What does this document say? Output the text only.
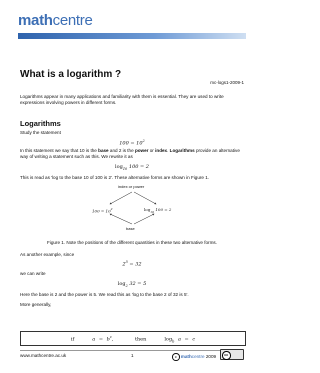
mathcentre
What is a logarithm ?
mc-logs1-2009-1
Logarithms appear in many applications and familiarity with them is essential. They are used to write expressions involving powers in different forms.
Logarithms
Study the statement
$100 = 10^2$
In this statement we say that 10 is the base and 2 is the power or index. Logarithms provide an alternative way of writing a statement such as this. We rewrite it as
$\log_{10} 100 = 2$
This is read as 'log to the base 10 of 100 is 2'. These alternative forms are shown in Figure 1.
index or power
$100 = 10^2$	$\log_{10} 100 = 2$
base
Figure 1. Note the positions of the different quantities in these two alternative forms.
As another example, since
$2^5 = 32$
we can write
$\log_2 32 = 5$
Here the base is 2 and the power is 5. We read this as 'log to the base 2 of 32 is 5'.
More generally,
if	$a = b^c$,      then	$\log_b a = c$
www.mathcentre.ac.uk	1	c mathcentre 2009	cc
